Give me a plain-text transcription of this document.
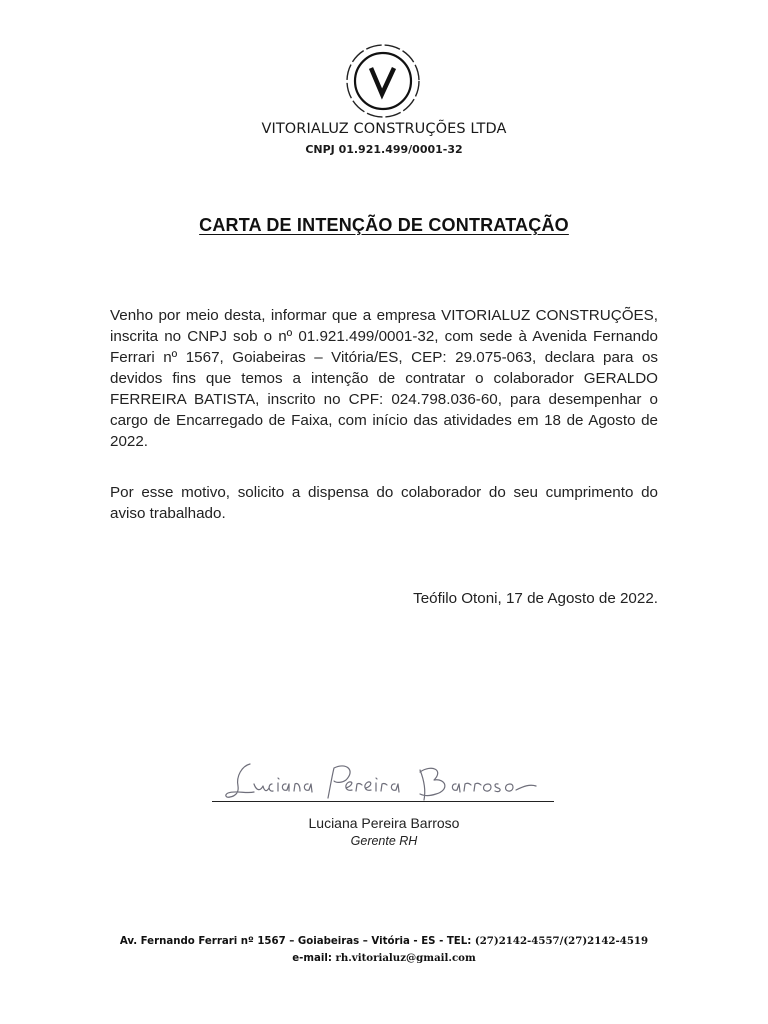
VITORIALUZ CONSTRUÇÕES LTDA
CNPJ 01.921.499/0001-32
CARTA DE INTENÇÃO DE CONTRATAÇÃO
Venho por meio desta, informar que a empresa VITORIALUZ CONSTRUÇÕES, inscrita no CNPJ sob o nº 01.921.499/0001-32, com sede à Avenida Fernando Ferrari nº 1567, Goiabeiras – Vitória/ES, CEP: 29.075-063, declara para os devidos fins que temos a intenção de contratar o colaborador GERALDO FERREIRA BATISTA, inscrito no CPF: 024.798.036-60, para desempenhar o cargo de Encarregado de Faixa, com início das atividades em 18 de Agosto de 2022.
Por esse motivo, solicito a dispensa do colaborador do seu cumprimento do aviso trabalhado.
Teófilo Otoni, 17 de Agosto de 2022.
Luciana Pereira Barroso
Gerente RH
Av. Fernando Ferrari nº 1567 – Goiabeiras – Vitória - ES - TEL: (27)2142-4557/(27)2142-4519
e-mail: rh.vitorialuz@gmail.com
